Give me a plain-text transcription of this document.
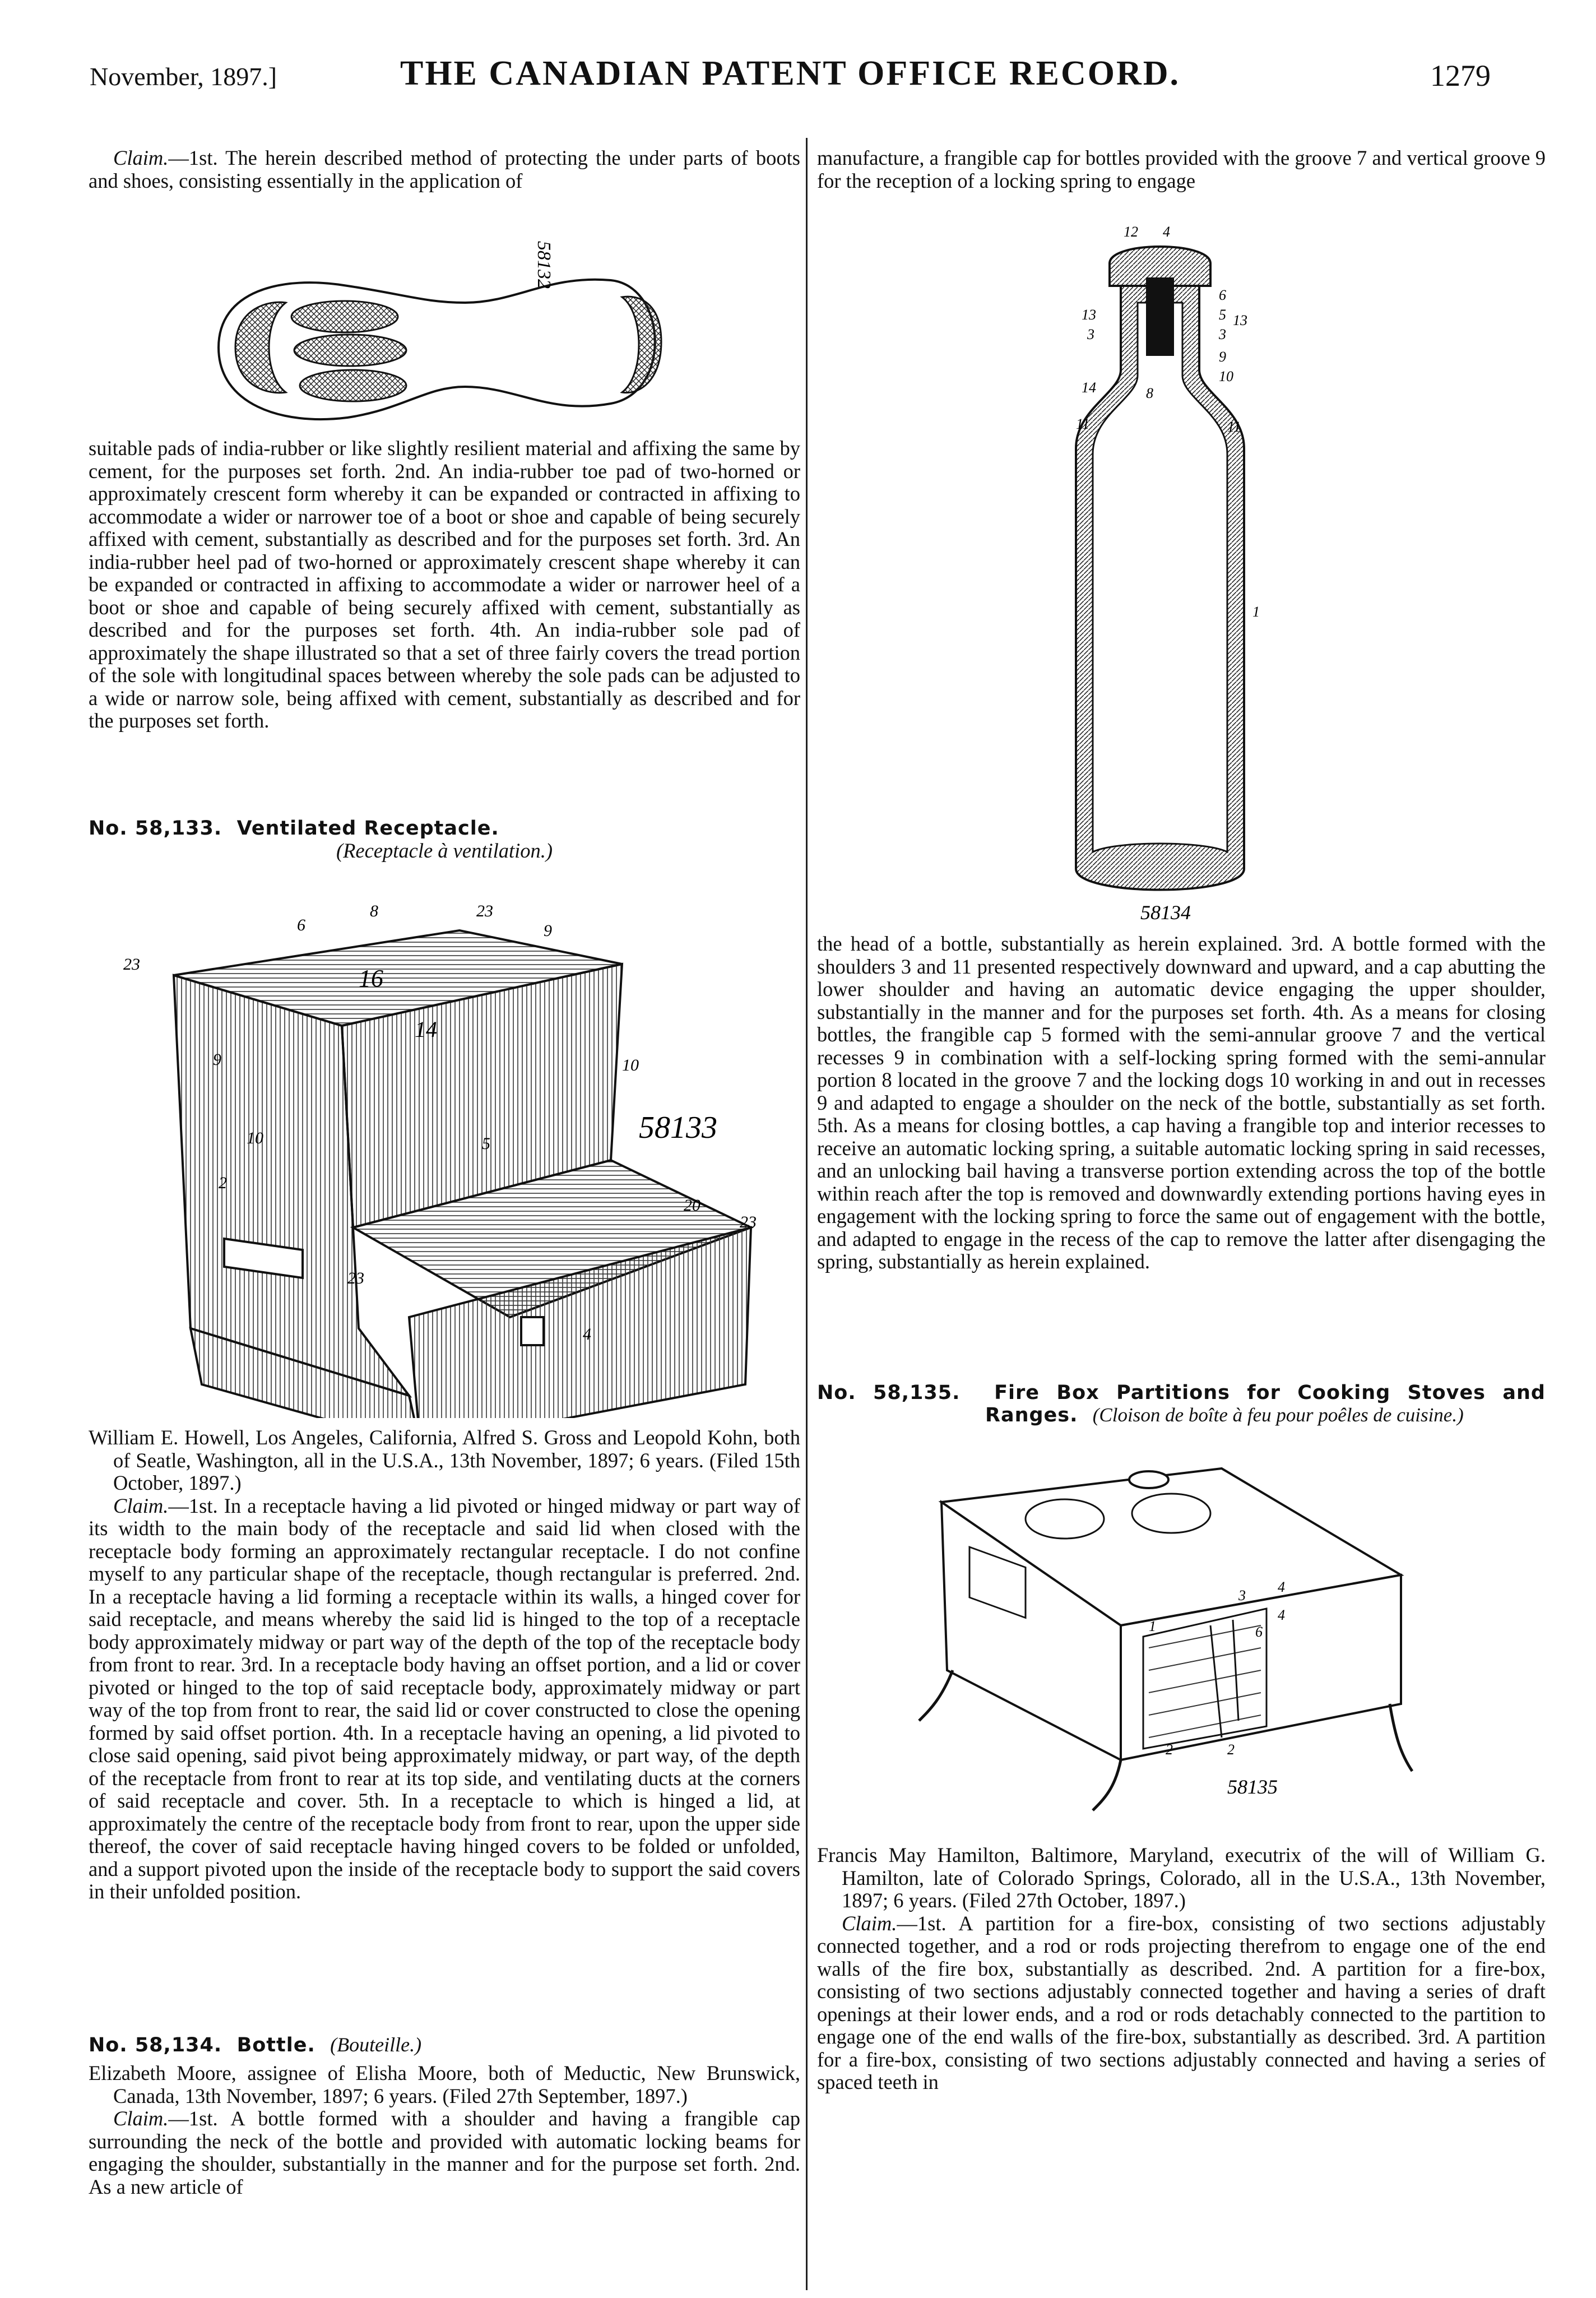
November, 1897.]	THE CANADIAN PATENT OFFICE RECORD.	1279

Claim.—1st. The herein described method of protecting the under parts of boots and shoes, consisting essentially in the application of

58132

suitable pads of india-rubber or like slightly resilient material and affixing the same by cement, for the purposes set forth. 2nd. An india-rubber toe pad of two-horned or approximately crescent form whereby it can be expanded or contracted in affixing to accommodate a wider or narrower toe of a boot or shoe and capable of being securely affixed with cement, substantially as described and for the purposes set forth. 3rd. An india-rubber heel pad of two-horned or approximately crescent shape whereby it can be expanded or contracted in affixing to accommodate a wider or narrower heel of a boot or shoe and capable of being securely affixed with cement, substantially as described and for the purposes set forth. 4th. An india-rubber sole pad of approximately the shape illustrated so that a set of three fairly covers the tread portion of the sole with longitudinal spaces between whereby the sole pads can be adjusted to a wide or narrow sole, being affixed with cement, substantially as described and for the purposes set forth.

No. 58,133. Ventilated Receptacle.

(Receptacle à ventilation.)

8
6
23
9
16
23
9	10
14
10	5
2
20
23
23
4
58133

William E. Howell, Los Angeles, California, Alfred S. Gross and Leopold Kohn, both of Seatle, Washington, all in the U.S.A., 13th November, 1897; 6 years. (Filed 15th October, 1897.)

Claim.—1st. In a receptacle having a lid pivoted or hinged midway or part way of its width to the main body of the receptacle and said lid when closed with the receptacle body forming an approximately rectangular receptacle. I do not confine myself to any particular shape of the receptacle, though rectangular is preferred. 2nd. In a receptacle having a lid forming a receptacle within its walls, a hinged cover for said receptacle, and means whereby the said lid is hinged to the top of a receptacle body approximately midway or part way of the depth of the top of the receptacle body from front to rear. 3rd. In a receptacle body having an offset portion, and a lid or cover pivoted or hinged to the top of said receptacle body, approximately midway or part way of the top from front to rear, the said lid or cover constructed to close the opening formed by said offset portion. 4th. In a receptacle having an opening, a lid pivoted to close said opening, said pivot being approximately midway, or part way, of the depth of the receptacle from front to rear at its top side, and ventilating ducts at the corners of said receptacle and cover. 5th. In a receptacle to which is hinged a lid, at approximately the centre of the receptacle body from front to rear, upon the upper side thereof, the cover of said receptacle having hinged covers to be folded or unfolded, and a support pivoted upon the inside of the receptacle body to support the said covers in their unfolded position.

No. 58,134. Bottle. (Bouteille.)

Elizabeth Moore, assignee of Elisha Moore, both of Meductic, New Brunswick, Canada, 13th November, 1897; 6 years. (Filed 27th September, 1897.)

Claim.—1st. A bottle formed with a shoulder and having a frangible cap surrounding the neck of the bottle and provided with automatic locking beams for engaging the shoulder, substantially in the manner and for the purpose set forth. 2nd. As a new article of

manufacture, a frangible cap for bottles provided with the groove 7 and vertical groove 9 for the reception of a locking spring to engage

12 4
6
5 13
13
3	3
9
10
14	8
11	11
1
58134

the head of a bottle, substantially as herein explained. 3rd. A bottle formed with the shoulders 3 and 11 presented respectively downward and upward, and a cap abutting the lower shoulder and having an automatic device engaging the upper shoulder, substantially in the manner and for the purposes set forth. 4th. As a means for closing bottles, the frangible cap 5 formed with the semi-annular groove 7 and the vertical recesses 9 in combination with a self-locking spring formed with the semi-annular portion 8 located in the groove 7 and the locking dogs 10 working in and out in recesses 9 and adapted to engage a shoulder on the neck of the bottle, substantially as set forth. 5th. As a means for closing bottles, a cap having a frangible top and interior recesses to receive an automatic locking spring, a suitable automatic locking spring in said recesses, and an unlocking bail having a transverse portion extending across the top of the bottle within reach after the top is removed and downwardly extending portions having eyes in engagement with the locking spring to force the same out of engagement with the bottle, and adapted to engage in the recess of the cap to remove the latter after disengaging the spring, substantially as herein explained.

No. 58,135. Fire Box Partitions for Cooking Stoves and Ranges. (Cloison de boîte à feu pour poêles de cuisine.)

3
4
1
4
6
2	2
58135

Francis May Hamilton, Baltimore, Maryland, executrix of the will of William G. Hamilton, late of Colorado Springs, Colorado, all in the U.S.A., 13th November, 1897; 6 years. (Filed 27th October, 1897.)

Claim.—1st. A partition for a fire-box, consisting of two sections adjustably connected together, and a rod or rods projecting therefrom to engage one of the end walls of the fire box, substantially as described. 2nd. A partition for a fire-box, consisting of two sections adjustably connected together and having a series of draft openings at their lower ends, and a rod or rods detachably connected to the partition to engage one of the end walls of the fire-box, substantially as described. 3rd. A partition for a fire-box, consisting of two sections adjustably connected and having a series of spaced teeth in
